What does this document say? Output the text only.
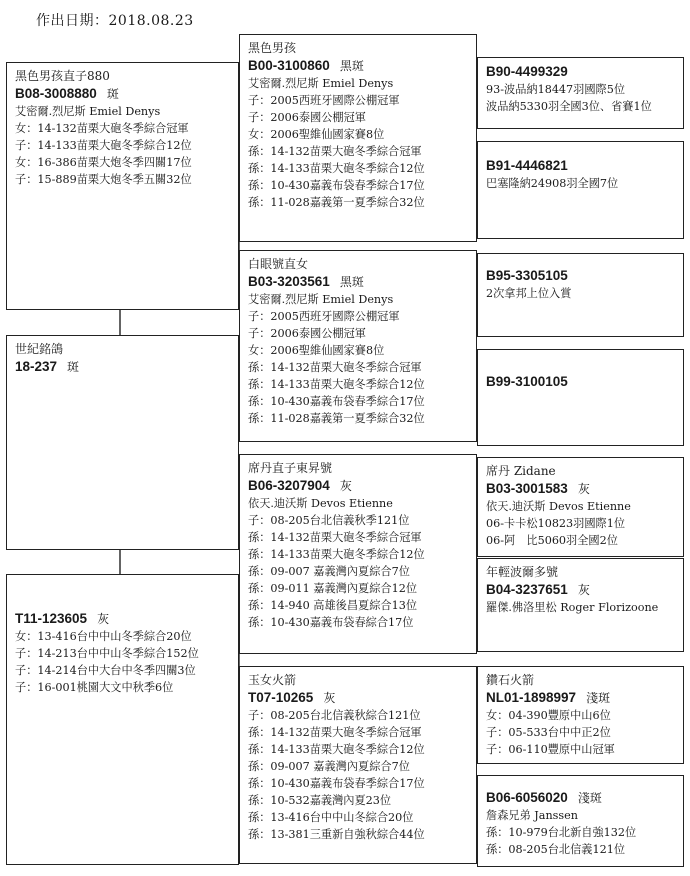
作出日期：2018.08.23
黑色男孩直子880
B08-3008880 斑
艾密爾.烈尼斯 Emiel Denys
女：14-132苗栗大砲冬季綜合冠軍
子：14-133苗栗大砲冬季綜合12位
女：16-386苗栗大炮冬季四關17位
子：15-889苗栗大炮冬季五關32位
世紀銘鴿
18-237 斑
T11-123605 灰
女：13-416台中中山冬季綜合20位
子：14-213台中中山冬季綜合152位
子：14-214台中大台中冬季四關3位
子：16-001桃園大文中秋季6位
黑色男孩
B00-3100860 黑斑
艾密爾.烈尼斯 Emiel Denys
子：2005西班牙國際公棚冠軍
子：2006泰國公棚冠軍
女：2006聖維仙國家賽8位
孫：14-132苗栗大砲冬季綜合冠軍
孫：14-133苗栗大砲冬季綜合12位
孫：10-430嘉義布袋春季綜合17位
孫：11-028嘉義第一夏季綜合32位
白眼號直女
B03-3203561 黑斑
艾密爾.烈尼斯 Emiel Denys
子：2005西班牙國際公棚冠軍
子：2006泰國公棚冠軍
女：2006聖維仙國家賽8位
孫：14-132苗栗大砲冬季綜合冠軍
孫：14-133苗栗大砲冬季綜合12位
孫：10-430嘉義布袋春季綜合17位
孫：11-028嘉義第一夏季綜合32位
席丹直子東昇號
B06-3207904 灰
依天.迪沃斯 Devos Etienne
子：08-205台北信義秋季121位
孫：14-132苗栗大砲冬季綜合冠軍
孫：14-133苗栗大砲冬季綜合12位
孫：09-007 嘉義灣內夏綜合7位
孫：09-011 嘉義灣內夏綜合12位
孫：14-940 高雄後昌夏綜合13位
孫：10-430嘉義布袋春綜合17位
玉女火箭
T07-10265 灰
子：08-205台北信義秋綜合121位
孫：14-132苗栗大砲冬季綜合冠軍
孫：14-133苗栗大砲冬季綜合12位
孫：09-007 嘉義灣內夏綜合7位
孫：10-430嘉義布袋春季綜合17位
孫：10-532嘉義灣內夏23位
孫：13-416台中中山冬綜合20位
孫：13-381三重新自強秋綜合44位
B90-4499329
93-波品納18447羽國際5位
波品納5330羽全國3位、省賽1位
B91-4446821
巴塞隆納24908羽全國7位
B95-3305105
2次拿邦上位入賞
B99-3100105
席丹 Zidane
B03-3001583 灰
依天.迪沃斯 Devos Etienne
06-卡卡松10823羽國際1位
06-阿　比5060羽全國2位
年輕波爾多號
B04-3237651 灰
羅傑.佛洛里松 Roger Florizoone
鑽石火箭
NL01-1898997 淺斑
女：04-390豐原中山6位
子：05-533台中中正2位
子：06-110豐原中山冠軍
B06-6056020 淺斑
詹森兄弟 Janssen
孫：10-979台北新自強132位
孫：08-205台北信義121位
